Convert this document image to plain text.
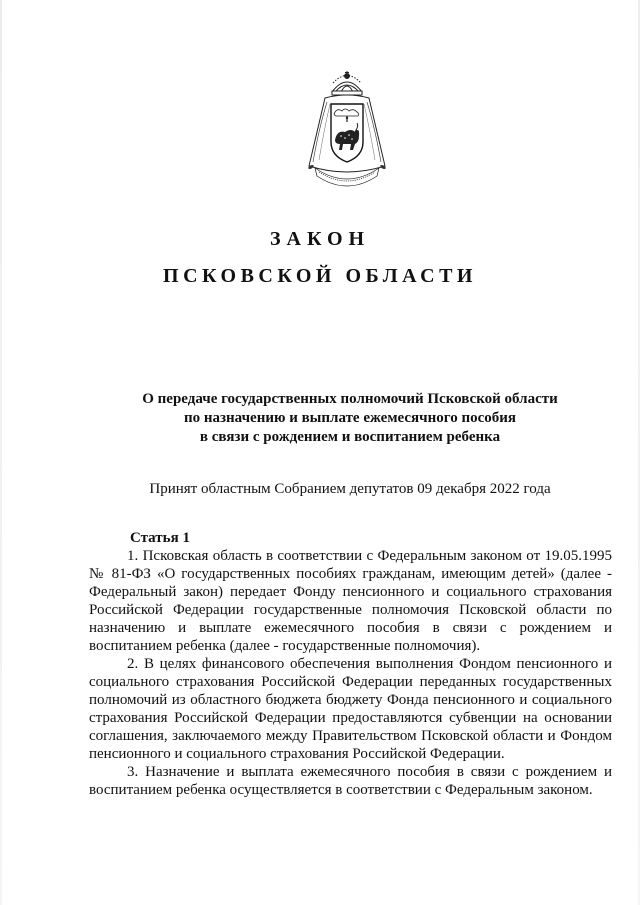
ЗАКОН
ПСКОВСКОЙ ОБЛАСТИ
О передаче государственных полномочий Псковской области
по назначению и выплате ежемесячного пособия
в связи с рождением и воспитанием ребенка
Принят областным Собранием депутатов 09 декабря 2022 года
Статья 1

1. Псковская область в соответствии с Федеральным законом от 19.05.1995 № 81-ФЗ «О государственных пособиях гражданам, имеющим детей» (далее - Федеральный закон) передает Фонду пенсионного и социального страхования Российской Федерации государственные полномочия Псковской области по назначению и выплате ежемесячного пособия в связи с рождением и воспитанием ребенка (далее - государственные полномочия).

2. В целях финансового обеспечения выполнения Фондом пенсионного и социального страхования Российской Федерации переданных государственных полномочий из областного бюджета бюджету Фонда пенсионного и социального страхования Российской Федерации предоставляются субвенции на основании соглашения, заключаемого между Правительством Псковской области и Фондом пенсионного и социального страхования Российской Федерации.

3. Назначение и выплата ежемесячного пособия в связи с рождением и воспитанием ребенка осуществляется в соответствии с Федеральным законом.
